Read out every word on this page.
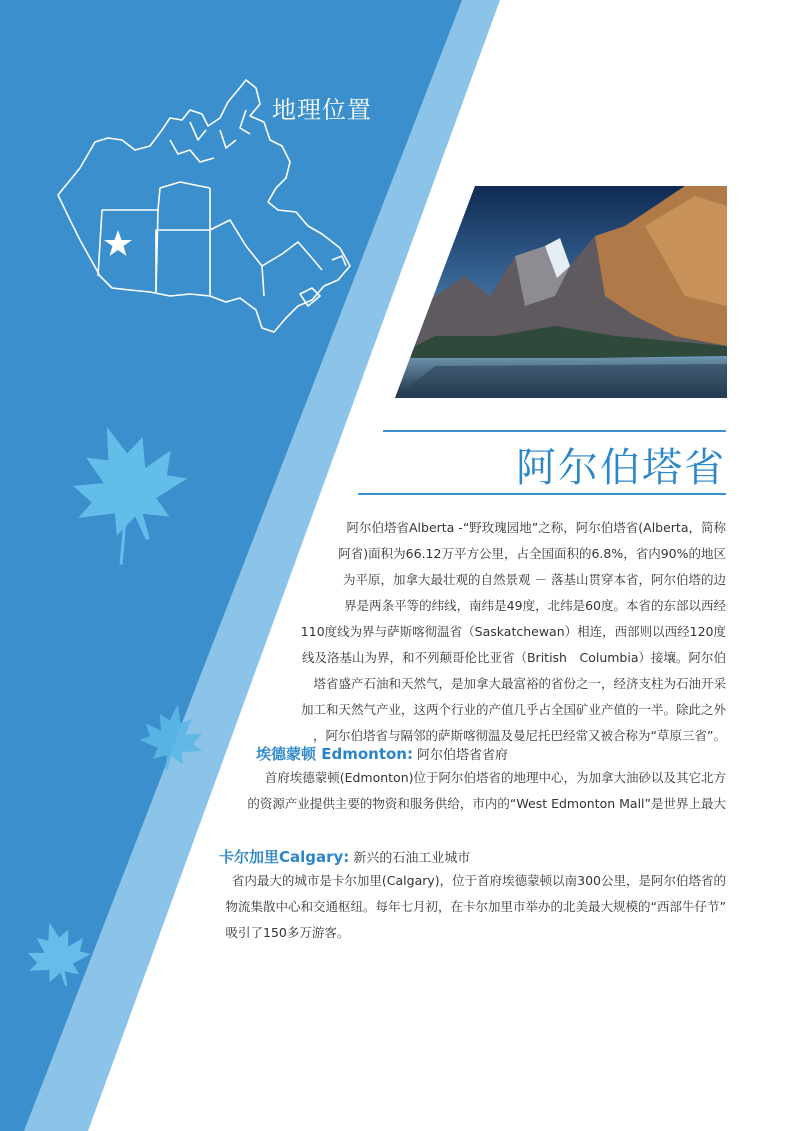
地理位置
阿尔伯塔省
阿尔伯塔省Alberta -“野玫瑰园地”之称，阿尔伯塔省(Alberta，简称
阿省)面积为66.12万平方公里，占全国面积的6.8%，省内90%的地区
为平原，加拿大最壮观的自然景观 － 落基山贯穿本省，阿尔伯塔的边
界是两条平等的纬线，南纬是49度，北纬是60度。本省的东部以西经
110度线为界与萨斯喀彻温省（Saskatchewan）相连，西部则以西经120度
线及洛基山为界，和不列颠哥伦比亚省（British　Columbia）接壤。阿尔伯
塔省盛产石油和天然气，是加拿大最富裕的省份之一，经济支柱为石油开采
加工和天然气产业，这两个行业的产值几乎占全国矿业产值的一半。除此之外
，阿尔伯塔省与隔邻的萨斯喀彻温及曼尼托巴经常又被合称为“草原三省”。
埃德蒙顿 Edmonton: 阿尔伯塔省省府
首府埃德蒙顿(Edmonton)位于阿尔伯塔省的地理中心，为加拿大油砂以及其它北方
的资源产业提供主要的物资和服务供给，市内的“West Edmonton Mall”是世界上最大
卡尔加里Calgary: 新兴的石油工业城市
省内最大的城市是卡尔加里(Calgary)，位于首府埃德蒙顿以南300公里，是阿尔伯塔省的
物流集散中心和交通枢纽。每年七月初，在卡尔加里市举办的北美最大规模的“西部牛仔节”
吸引了150多万游客。
